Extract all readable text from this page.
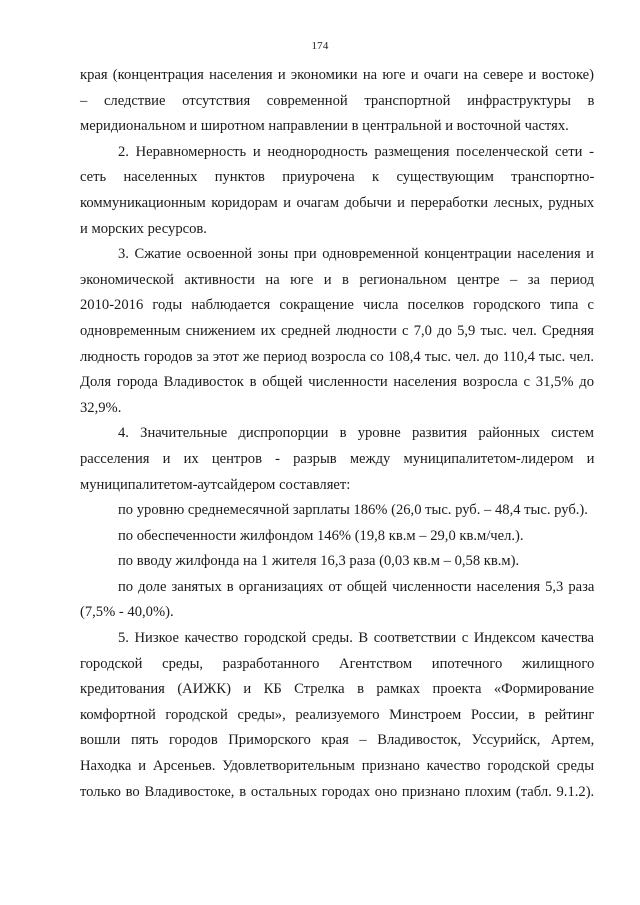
174
края (концентрация населения и экономики на юге и очаги на севере и востоке)
– следствие отсутствия современной транспортной инфраструктуры в
меридиональном и широтном направлении в центральной и восточной частях.
2. Неравномерность и неоднородность размещения поселенческой сети -
сеть населенных пунктов приурочена к существующим транспортно-
коммуникационным коридорам и очагам добычи и переработки лесных, рудных
и морских ресурсов.
3. Сжатие освоенной зоны при одновременной концентрации населения и
экономической активности на юге и в региональном центре – за период
2010-2016 годы наблюдается сокращение числа поселков городского типа с
одновременным снижением их средней людности с 7,0 до 5,9 тыс. чел. Средняя
людность городов за этот же период возросла со 108,4 тыс. чел. до 110,4 тыс. чел.
Доля города Владивосток в общей численности населения возросла с 31,5% до
32,9%.
4. Значительные диспропорции в уровне развития районных систем
расселения и их центров - разрыв между муниципалитетом-лидером и
муниципалитетом-аутсайдером составляет:
по уровню среднемесячной зарплаты 186% (26,0 тыс. руб. – 48,4 тыс. руб.).
по обеспеченности жилфондом 146% (19,8 кв.м – 29,0 кв.м/чел.).
по вводу жилфонда на 1 жителя 16,3 раза (0,03 кв.м – 0,58 кв.м).
по доле занятых в организациях от общей численности населения 5,3 раза
(7,5% - 40,0%).
5. Низкое качество городской среды. В соответствии с Индексом качества
городской среды, разработанного Агентством ипотечного жилищного
кредитования (АИЖК) и КБ Стрелка в рамках проекта «Формирование
комфортной городской среды», реализуемого Минстроем России, в рейтинг
вошли пять городов Приморского края – Владивосток, Уссурийск, Артем,
Находка и Арсеньев. Удовлетворительным признано качество городской среды
только во Владивостоке, в остальных городах оно признано плохим (табл. 9.1.2).
